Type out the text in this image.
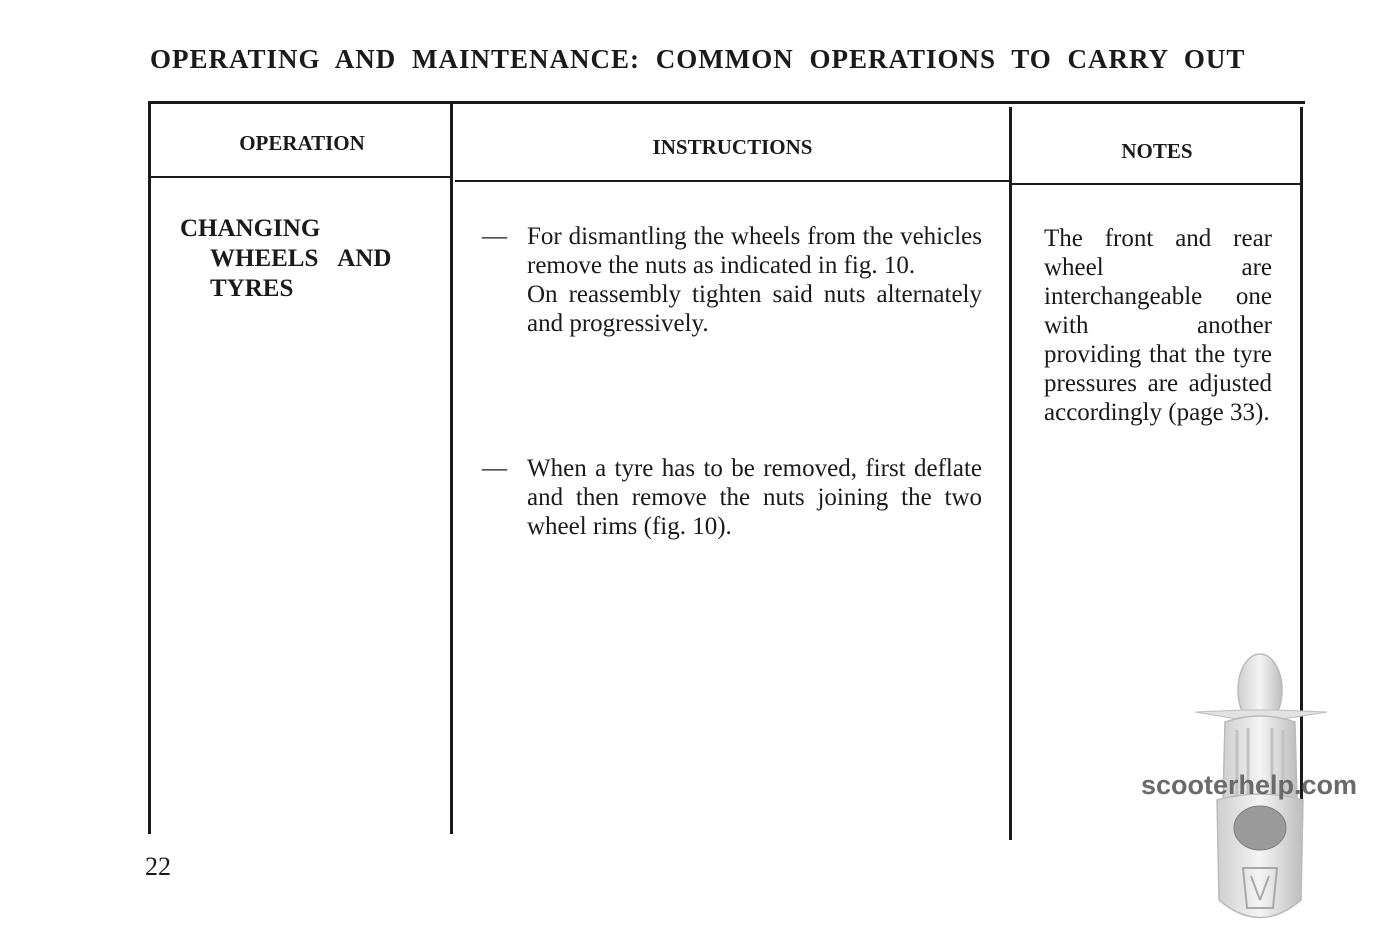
OPERATING AND MAINTENANCE: COMMON OPERATIONS TO CARRY OUT
OPERATION	INSTRUCTIONS	NOTES
CHANGING
WHEELS AND
TYRES
— For dismantling the wheels from the vehicles remove the nuts as indicated in fig. 10.
On reassembly tighten said nuts alternately and progressively.
— When a tyre has to be removed, first deflate and then remove the nuts joining the two wheel rims (fig. 10).
The front and rear wheel are interchangeable one with another providing that the tyre pressures are adjusted accordingly (page 33).
22
scooterhelp.com
